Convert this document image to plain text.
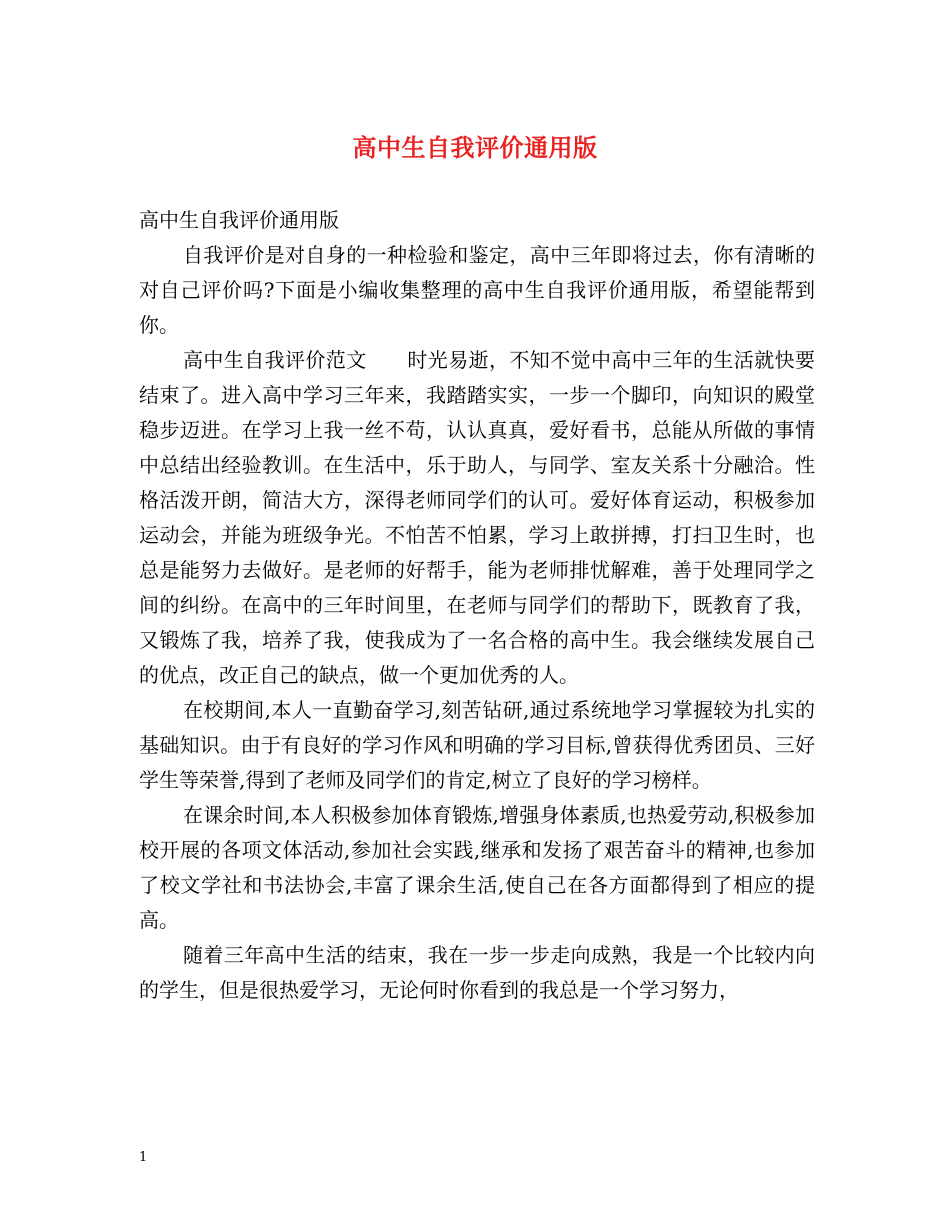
高中生自我评价通用版

高中生自我评价通用版

自我评价是对自身的一种检验和鉴定，高中三年即将过去，你有清晰的对自己评价吗?下面是小编收集整理的高中生自我评价通用版，希望能帮到你。

高中生自我评价范文　　时光易逝，不知不觉中高中三年的生活就快要结束了。进入高中学习三年来，我踏踏实实，一步一个脚印，向知识的殿堂稳步迈进。在学习上我一丝不苟，认认真真，爱好看书，总能从所做的事情中总结出经验教训。在生活中，乐于助人，与同学、室友关系十分融洽。性格活泼开朗，简洁大方，深得老师同学们的认可。爱好体育运动，积极参加运动会，并能为班级争光。不怕苦不怕累，学习上敢拼搏，打扫卫生时，也总是能努力去做好。是老师的好帮手，能为老师排忧解难，善于处理同学之间的纠纷。在高中的三年时间里，在老师与同学们的帮助下，既教育了我，又锻炼了我，培养了我，使我成为了一名合格的高中生。我会继续发展自己的优点，改正自己的缺点，做一个更加优秀的人。

在校期间,本人一直勤奋学习,刻苦钻研,通过系统地学习掌握较为扎实的基础知识。由于有良好的学习作风和明确的学习目标,曾获得优秀团员、三好学生等荣誉,得到了老师及同学们的肯定,树立了良好的学习榜样。

在课余时间,本人积极参加体育锻炼,增强身体素质,也热爱劳动,积极参加校开展的各项文体活动,参加社会实践,继承和发扬了艰苦奋斗的精神,也参加了校文学社和书法协会,丰富了课余生活,使自己在各方面都得到了相应的提高。

随着三年高中生活的结束，我在一步一步走向成熟，我是一个比较内向的学生，但是很热爱学习，无论何时你看到的我总是一个学习努力，

1
